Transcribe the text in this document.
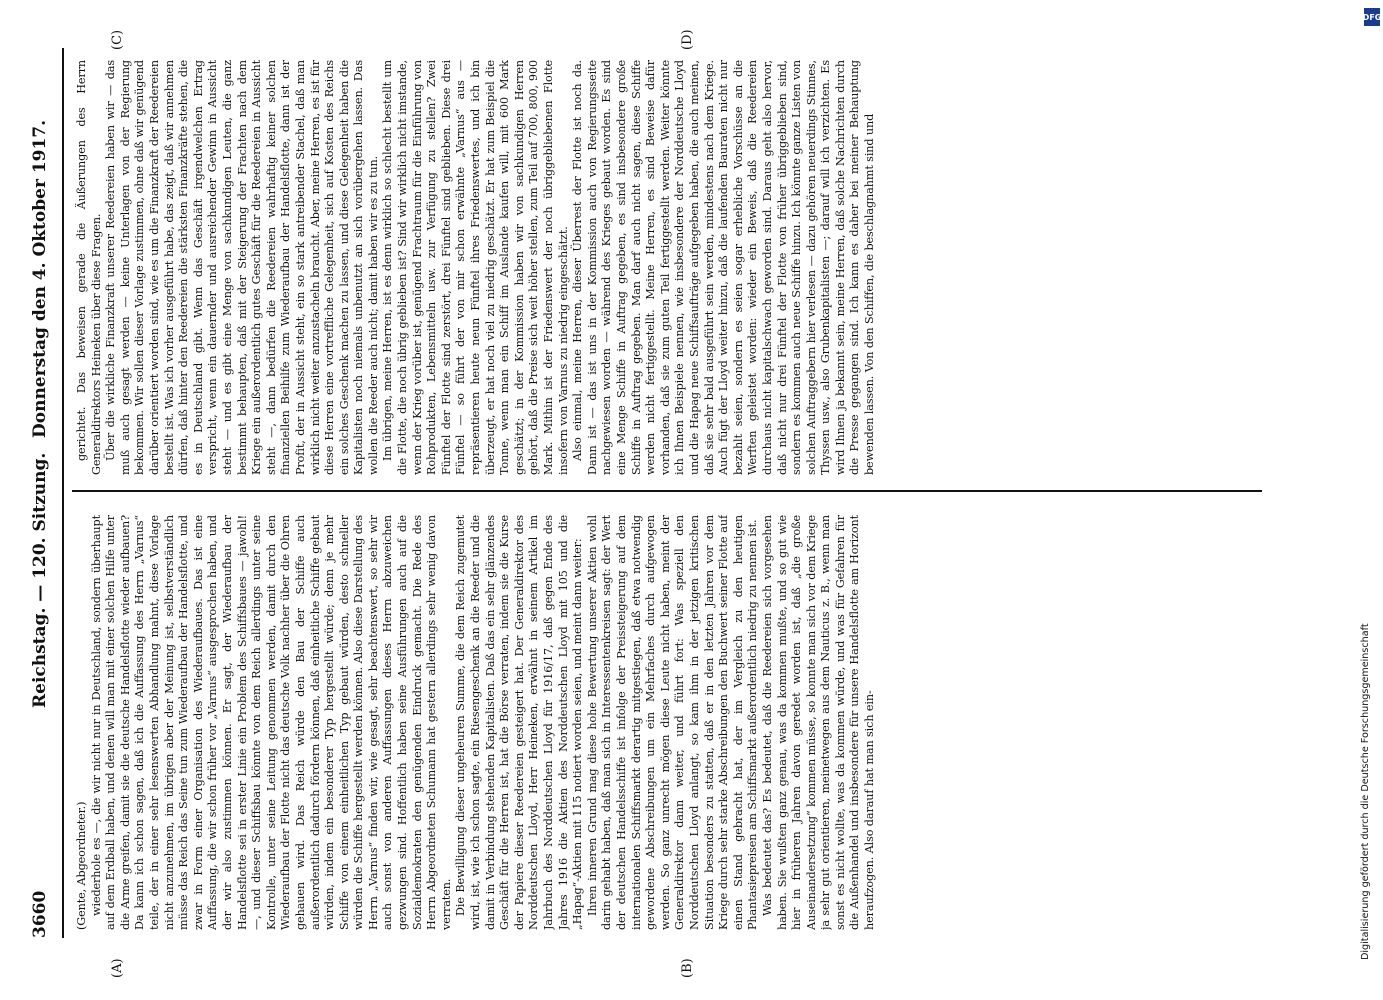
3660
Reichstag. — 120. Sitzung.
Donnerstag den 4. Oktober 1917.
(A)	(B)
(C)	(D)

(Gente, Abgeordneter.) wiederhole es —, die wir nicht nur in Deutschland, sondern überhaupt auf dem Erdball haben, und denen will man mit einer solchen Hilfe unter die Arme greifen, damit sie die deutsche Handelsflotte wieder aufbauen? Da kann ich schon sagen, daß ich die Auffassung des Herrn „Varnus“ teile, der in einer sehr lesenswerten Abhandlung mahnt, diese Vorlage nicht anzunehmen, im übrigen aber der Meinung ist, selbstverständlich müsse das Reich das Seine tun zum Wiederaufbau der Handelsflotte, und zwar in Form einer Organisation des Wiederaufbaues. Das ist eine Auffassung, die wir schon früher vor „Varnus“ ausgesprochen haben, und der wir also zustimmen können. Er sagt, der Wiederaufbau der Handelsflotte sei in erster Linie ein Problem des Schiffsbaues — jawohl! —, und dieser Schiffsbau könnte von dem Reich allerdings unter seine Kontrolle, unter seine Leitung genommen werden, damit durch den Wiederaufbau der Flotte nicht das deutsche Volk nachher über die Ohren gehauen wird. Das Reich würde den Bau der Schiffe auch außerordentlich dadurch fördern können, daß einheitliche Schiffe gebaut würden, indem ein besonderer Typ hergestellt würde; denn je mehr Schiffe von einem einheitlichen Typ gebaut würden, desto schneller würden die Schiffe hergestellt werden können. Also diese Darstellung des Herrn „Varnus“ finden wir, wie gesagt, sehr beachtenswert, so sehr wir auch sonst von anderen Auffassungen dieses Herrn abzuweichen gezwungen sind. Hoffentlich haben seine Ausführungen auch auf die Sozialdemokraten den genügenden Eindruck gemacht. Die Rede des Herrn Abgeordneten Schumann hat gestern allerdings sehr wenig davon verraten. Die Bewilligung dieser ungeheuren Summe, die dem Reich zugemutet wird, ist, wie ich schon sagte, ein Riesengeschenk an die Reeder und die damit in Verbindung stehenden Kapitalisten. Daß das ein sehr glänzendes Geschäft für die Herren ist, hat die Börse verraten, indem sie die Kurse der Papiere dieser Reedereien gesteigert hat. Der Generaldirektor des Norddeutschen Lloyd, Herr Heineken, erwähnt in seinem Artikel im Jahrbuch des Norddeutschen Lloyd für 1916/17, daß gegen Ende des Jahres 1916 die Aktien des Norddeutschen Lloyd mit 105 und die „Hapag“-Aktien mit 115 notiert worden seien, und meint dann weiter: Ihren inneren Grund mag diese hohe Bewertung unserer Aktien wohl darin gehabt haben, daß man sich in Interessentenkreisen sagt: der Wert der deutschen Handelsschiffe ist infolge der Preissteigerung auf dem internationalen Schiffsmarkt derartig mitgestiegen, daß etwa notwendig gewordene Abschreibungen um ein Mehrfaches durch aufgewogen werden. So ganz unrecht mögen diese Leute nicht haben, meint der Generaldirektor dann weiter, und führt fort: Was speziell den Norddeutschen Lloyd anlangt, so kam ihm in der jetzigen kritischen Situation besonders zu statten, daß er in den letzten Jahren vor dem Kriege durch sehr starke Abschreibungen den Buchwert seiner Flotte auf einen Stand gebracht hat, der im Vergleich zu den heutigen Phantasiepreisen am Schiffsmarkt außerordentlich niedrig zu nennen ist. Was bedeutet das? Es bedeutet, daß die Reedereien sich vorgesehen haben. Sie wußten ganz genau, was da kommen mußte, und so gut wie hier in früheren Jahren davon geredet worden ist, daß „die große Auseinandersetzung“ kommen müsse, so konnte man sich vor dem Kriege ja sehr gut orientieren, meinetwegen aus dem Nauticus z. B., wenn man sonst es nicht wollte, was da kommen würde, und was für Gefahren für die Außenhandel und insbesondere für unsere Handelsflotte am Horizont heraufzogen. Also darauf hat man sich ein-

gerichtet. Das beweisen gerade die Äußerungen des Herrn Generaldirektors Heineken über diese Fragen. Über die wirkliche Finanzkraft unserer Reedereien haben wir — das muß auch gesagt werden — keine Unterlagen von der Regierung bekommen. Wir sollen dieser Vorlage zustimmen, ohne daß wir genügend darüber orientiert worden sind, wie es um die Finanzkraft der Reedereien bestellt ist. Was ich vorher ausgeführt habe, das zeigt, daß wir annehmen dürfen, daß hinter den Reedereien die stärksten Finanzkräfte stehen, die es in Deutschland gibt. Wenn das Geschäft irgendwelchen Ertrag verspricht, wenn ein dauernder und ausreichender Gewinn in Aussicht steht — und es gibt eine Menge von sachkundigen Leuten, die ganz bestimmt behaupten, daß mit der Steigerung der Frachten nach dem Kriege ein außerordentlich gutes Geschäft für die Reedereien in Aussicht steht —, dann bedürfen die Reedereien wahrhaftig keiner solchen finanziellen Beihilfe zum Wiederaufbau der Handelsflotte, dann ist der Profit, der in Aussicht steht, ein so stark antreibender Stachel, daß man wirklich nicht weiter anzustacheln braucht. Aber, meine Herren, es ist für diese Herren eine vortreffliche Gelegenheit, sich auf Kosten des Reichs ein solches Geschenk machen zu lassen, und diese Gelegenheit haben die Kapitalisten noch niemals unbenutzt an sich vorübergehen lassen. Das wollen die Reeder auch nicht; damit haben wir es zu tun. Im übrigen, meine Herren, ist es denn wirklich so schlecht bestellt um die Flotte, die noch übrig geblieben ist? Sind wir wirklich nicht imstande, wenn der Krieg vorüber ist, genügend Frachtraum für die Einführung von Rohprodukten, Lebensmitteln usw. zur Verfügung zu stellen? Zwei Fünftel der Flotte sind zerstört, drei Fünftel sind geblieben. Diese drei Fünftel — so führt der von mir schon erwähnte „Varnus“ aus — repräsentieren heute neun Fünftel ihres Friedenswertes, und ich bin überzeugt, er hat noch viel zu niedrig geschätzt. Er hat zum Beispiel die Tonne, wenn man ein Schiff im Auslande kaufen will, mit 600 Mark geschätzt; in der Kommission haben wir von sachkundigen Herren gehört, daß die Preise sich weit höher stellen, zum Teil auf 700, 800, 900 Mark. Mithin ist der Friedenswert der noch übriggebliebenen Flotte insofern von Varnus zu niedrig eingeschätzt. Also einmal, meine Herren, dieser Überrest der Flotte ist noch da. Dann ist — das ist uns in der Kommission auch von Regierungsseite nachgewiesen worden — während des Krieges gebaut worden. Es sind eine Menge Schiffe in Auftrag gegeben, es sind insbesondere große Schiffe in Auftrag gegeben. Man darf auch nicht sagen, diese Schiffe werden nicht fertiggestellt. Meine Herren, es sind Beweise dafür vorhanden, daß sie zum guten Teil fertiggestellt werden. Weiter könnte ich Ihnen Beispiele nennen, wie insbesondere der Norddeutsche Lloyd und die Hapag neue Schiffsaufträge aufgegeben haben, die auch meinen, daß sie sehr bald ausgeführt sein werden, mindestens nach dem Kriege. Auch fügt der Lloyd weiter hinzu, daß die laufenden Bauraten nicht nur bezahlt seien, sondern es seien sogar erhebliche Vorschüsse an die Werften geleistet worden: wieder ein Beweis, daß die Reedereien durchaus nicht kapitalschwach geworden sind. Daraus geht also hervor, daß nicht nur drei Fünftel der Flotte von früher übriggeblieben sind, sondern es kommen auch neue Schiffe hinzu. Ich könnte ganze Listen von solchen Auftraggebern hier verlesen — dazu gehören neuerdings Stinnes, Thyssen usw., also Grubenkapitalisten —; darauf will ich verzichten. Es wird Ihnen ja bekannt sein, meine Herren, daß solche Nachrichten durch die Presse gegangen sind. Ich kann es daher bei meiner Behauptung bewenden lassen. Von den Schiffen, die beschlagnahmt sind und

DFG
Digitalisierung gefördert durch die Deutsche Forschungsgemeinschaft
